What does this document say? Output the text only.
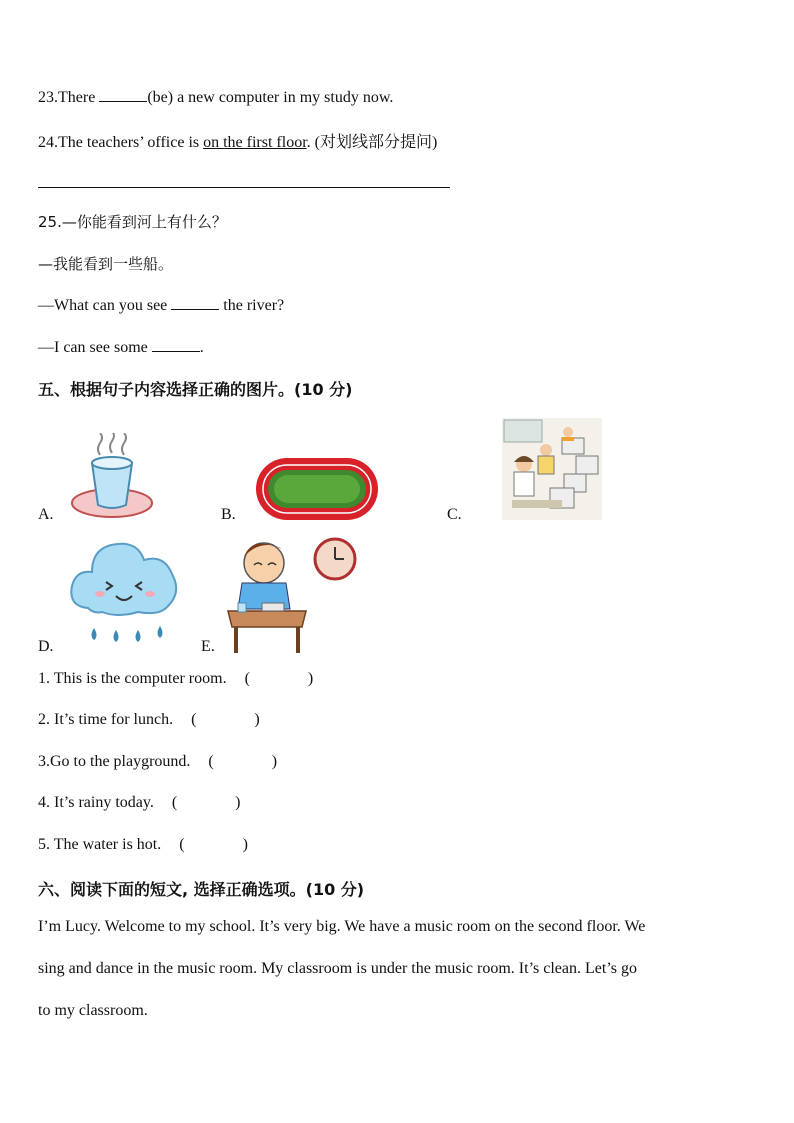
23.There	(be) a new computer in my study now.
24.The teachers’ office is on the first floor. (对划线部分提问)
25.—你能看到河上有什么？
—我能看到一些船。
—What can you see	the river?
—I can see some	.
五、根据句子内容选择正确的图片。(10 分)
A.	B.	C.
D.	E.
1. This is the computer room. (	)
2. It’s time for lunch. (	)
3.Go to the playground. (	)
4. It’s rainy today. (	)
5. The water is hot. (	)
六、阅读下面的短文, 选择正确选项。(10 分)
I’m Lucy. Welcome to my school. It’s very big. We have a music room on the second floor. We
sing and dance in the music room. My classroom is under the music room. It’s clean. Let’s go
to my classroom.
